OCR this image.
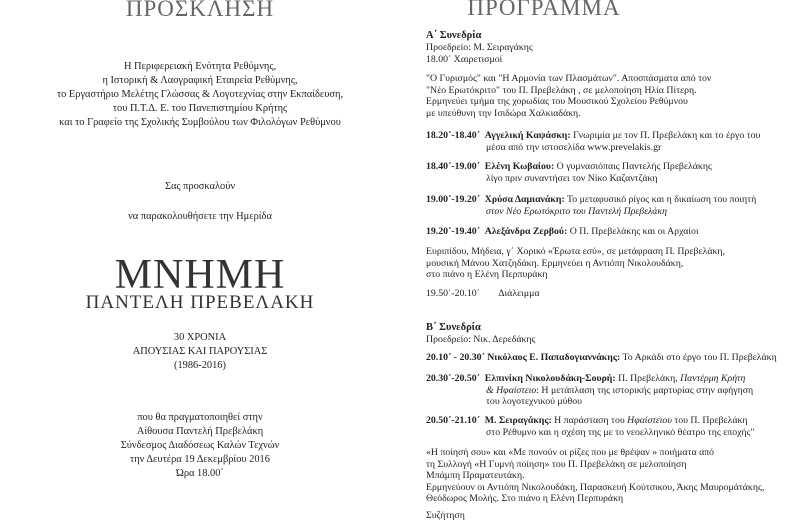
ΠΡΟΣΚΛΗΣΗ
Η Περιφερειακή Ενότητα Ρεθύμνης,
η Ιστορική & Λαογραφική Εταιρεία Ρεθύμνης,
το Εργαστήριο Μελέτης Γλώσσας & Λογοτεχνίας στην Εκπαίδευση,
του Π.Τ.Δ. Ε. του Πανεπιστημίου Κρήτης
και το Γραφείο της Σχολικής Συμβούλου των Φιλολόγων Ρεθύμνου
Σας προσκαλούν
να παρακολουθήσετε την Ημερίδα
ΜΝΗΜΗ
ΠΑΝΤΕΛΗ ΠΡΕΒΕΛΑΚΗ
30 ΧΡΟΝΙΑ
ΑΠΟΥΣΙΑΣ ΚΑΙ ΠΑΡΟΥΣΙΑΣ
(1986-2016)
που θα πραγματοποιηθεί στην
Αίθουσα Παντελή Πρεβελάκη
Σύνδεσμος Διαδόσεως Καλών Τεχνών
την Δευτέρα 19 Δεκεμβρίου 2016
Ώρα 18.00΄
ΠΡΟΓΡΑΜΜΑ
Α΄ Συνεδρία
Προεδρείο: Μ. Σειραγάκης
18.00΄ Χαιρετισμοί
"Ο Γυρισμός" και "Η Αρμονία των Πλασμάτων". Αποσπάσματα από τον
"Νέο Ερωτόκριτο" του Π. Πρεβελάκη , σε μελοποίηση Ηλία Πίτερη.
Ερμηνεύει τμήμα της χορωδίας του Μουσικού Σχολείου Ρεθύμνου
με υπεύθυνη την Ισιδώρα Χαλκιαδάκη.
18.20΄-18.40΄ Αγγελική Καψάσκη: Γνωριμία με τον Π. Πρεβελάκη και το έργο του
μέσα από την ιστοσελίδα www.prevelakis.gr
18.40΄-19.00΄ Ελένη Κωβαίου: Ο γυμνασιόπαις Παντελής Πρεβελάκης
λίγο πριν συναντήσει τον Νίκο Καζαντζάκη
19.00΄-19.20΄ Χρύσα Δαμιανάκη: Το μεταφυσικό ρίγος και η δικαίωση του ποιητή
στον Νέο Ερωτόκριτο του Παντελή Πρεβελάκη
19.20΄-19.40΄ Αλεξάνδρα Ζερβού: Ο Π. Πρεβελάκης και οι Αρχαίοι
Ευριπίδου, Μήδεια, γ΄ Χορικό «Έρωτα εσύ», σε μετάφραση Π. Πρεβελάκη,
μουσική Μάνου Χατζηδάκη. Ερμηνεύει η Αντιόπη Νικολουδάκη,
στο πιάνο η Ελένη Περπυράκη
19.50΄-20.10΄ Διάλειμμα
Β΄ Συνεδρία
Προεδρείο: Νικ. Δερεδάκης
20.10΄ - 20.30΄ Νικόλαος Ε. Παπαδογιαννάκης: Το Αρκάδι στο έργο του Π. Πρεβελάκη
20.30΄-20.50΄ Ελπινίκη Νικολουδάκη-Σουρή: Π. Πρεβελάκη, Παντέρμη Κρήτη
& Ηφαίστειο: Η μετάπλαση της ιστορικής μαρτυρίας στην αφήγηση
του λογοτεχνικού μύθου
20.50΄-21.10΄ Μ. Σειραγάκης: Η παράσταση του Ηφαίστειου του Π. Πρεβελάκη
στο Ρέθυμνο και η σχέση της με το νεοελληνικό θέατρο της εποχής"
«Η ποίησή σου» και «Με πονούν οι ρίζες που με θρέψαν » ποιήματα από
τη Συλλογή «Η Γυμνή ποίηση» του Π. Πρεβελάκη σε μελοποίηση
Μπάμπη Πραματευτάκη.
Ερμηνεύουν οι Αντιόπη Νικολουδάκη, Παρασκευή Κούτσικου, Άκης Μαυρομάτάκης,
Θεόδωρος Μολής. Στο πιάνο η Ελένη Περπυράκη
Συζήτηση
